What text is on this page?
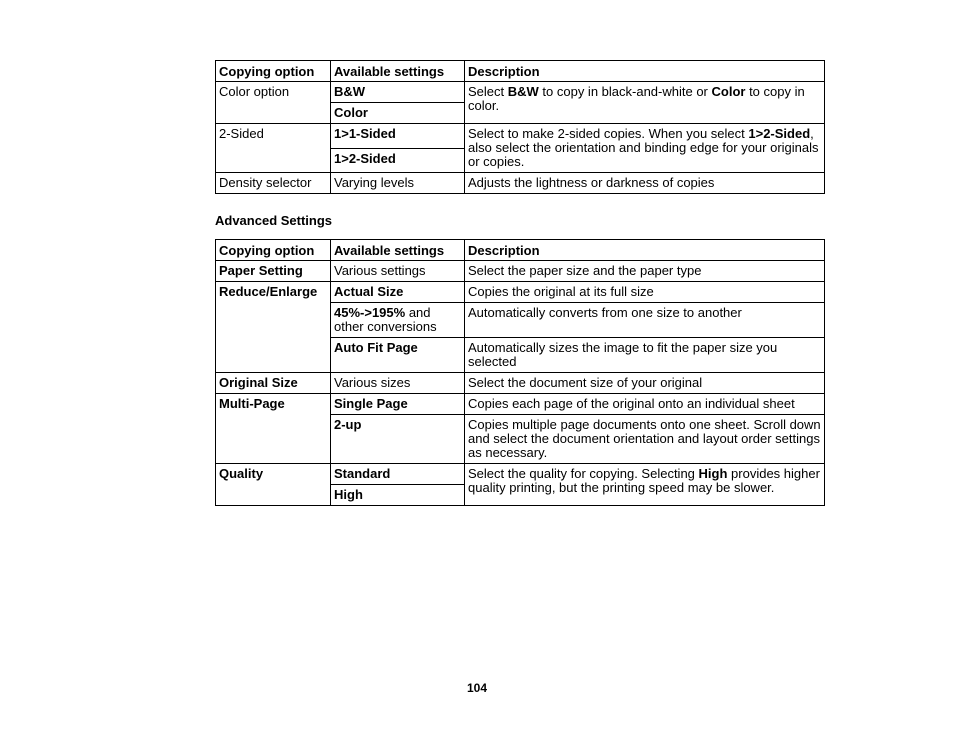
Copying option	Available settings	Description
Color option	B&W	Select B&W to copy in black-and-white or Color to copy in color.
	Color	
2-Sided	1>1-Sided	Select to make 2-sided copies. When you select 1>2-Sided, also select the orientation and binding edge for your originals or copies.
	1>2-Sided	
Density selector	Varying levels	Adjusts the lightness or darkness of copies
Advanced Settings
Copying option	Available settings	Description
Paper Setting	Various settings	Select the paper size and the paper type
Reduce/Enlarge	Actual Size	Copies the original at its full size
	45%->195% and other conversions	Automatically converts from one size to another
	Auto Fit Page	Automatically sizes the image to fit the paper size you selected
Original Size	Various sizes	Select the document size of your original
Multi-Page	Single Page	Copies each page of the original onto an individual sheet
	2-up	Copies multiple page documents onto one sheet. Scroll down and select the document orientation and layout order settings as necessary.
Quality	Standard	Select the quality for copying. Selecting High provides higher quality printing, but the printing speed may be slower.
	High	
104
